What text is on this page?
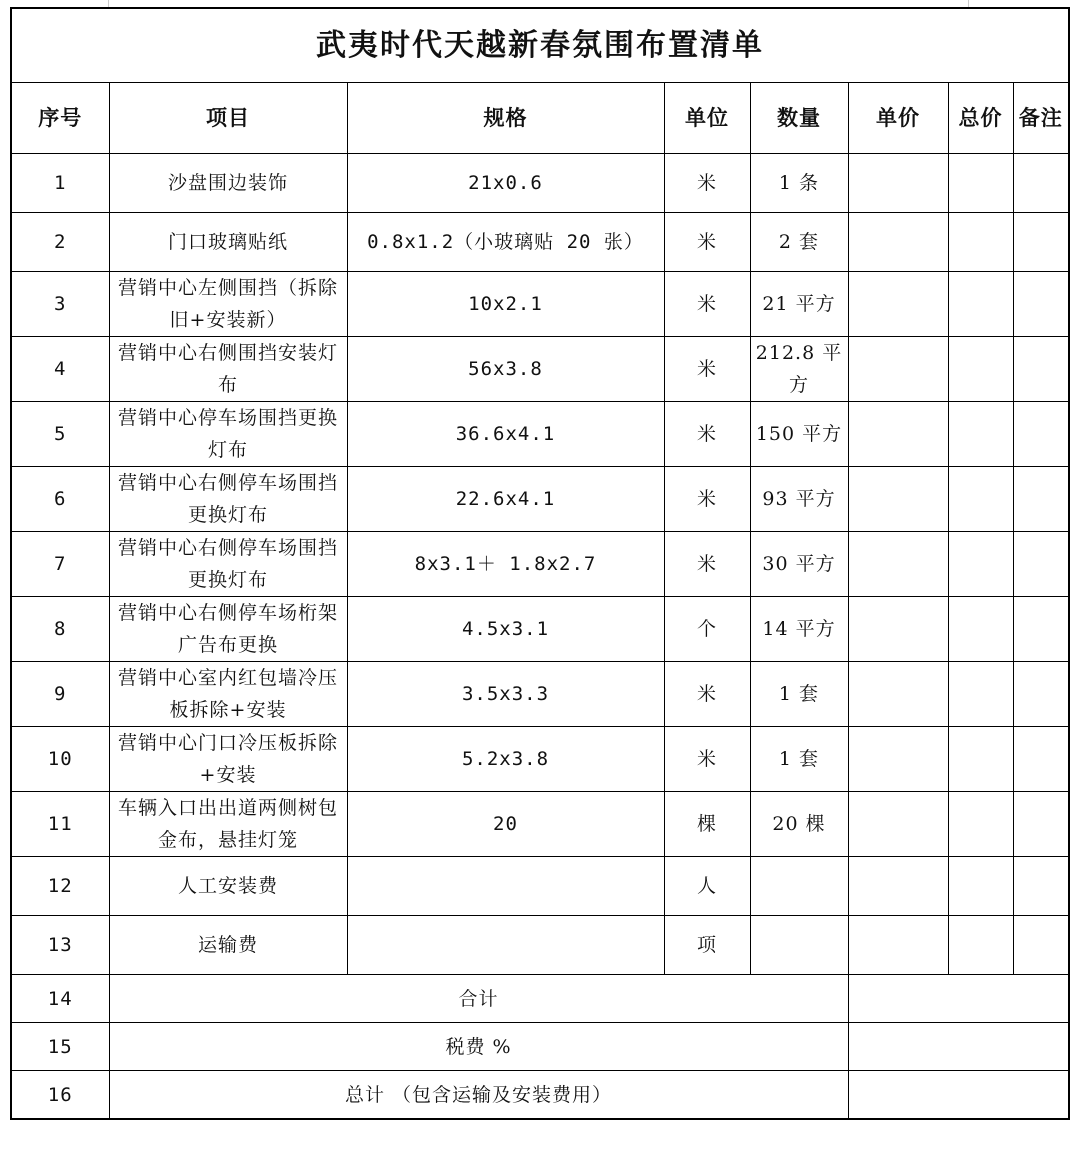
武夷时代天越新春氛围布置清单							
序号	项目	规格	单位	数量	单价	总价	备注
1	沙盘围边装饰	21x0.6	米	1 条			
2	门口玻璃贴纸	0.8x1.2（小玻璃贴 20 张）	米	2 套			
3	营销中心左侧围挡（拆除旧+安装新）	10x2.1	米	21 平方			
4	营销中心右侧围挡安装灯布	56x3.8	米	212.8 平方			
5	营销中心停车场围挡更换灯布	36.6x4.1	米	150 平方			
6	营销中心右侧停车场围挡更换灯布	22.6x4.1	米	93 平方			
7	营销中心右侧停车场围挡更换灯布	8x3.1＋ 1.8x2.7	米	30 平方			
8	营销中心右侧停车场桁架广告布更换	4.5x3.1	个	14 平方			
9	营销中心室内红包墙冷压板拆除+安装	3.5x3.3	米	1 套			
10	营销中心门口冷压板拆除+安装	5.2x3.8	米	1 套			
11	车辆入口出出道两侧树包金布，悬挂灯笼	20	棵	20 棵			
12	人工安装费		人				
13	运输费		项				
14	合计						
15	税费 %						
16	总计 （包含运输及安装费用）						
